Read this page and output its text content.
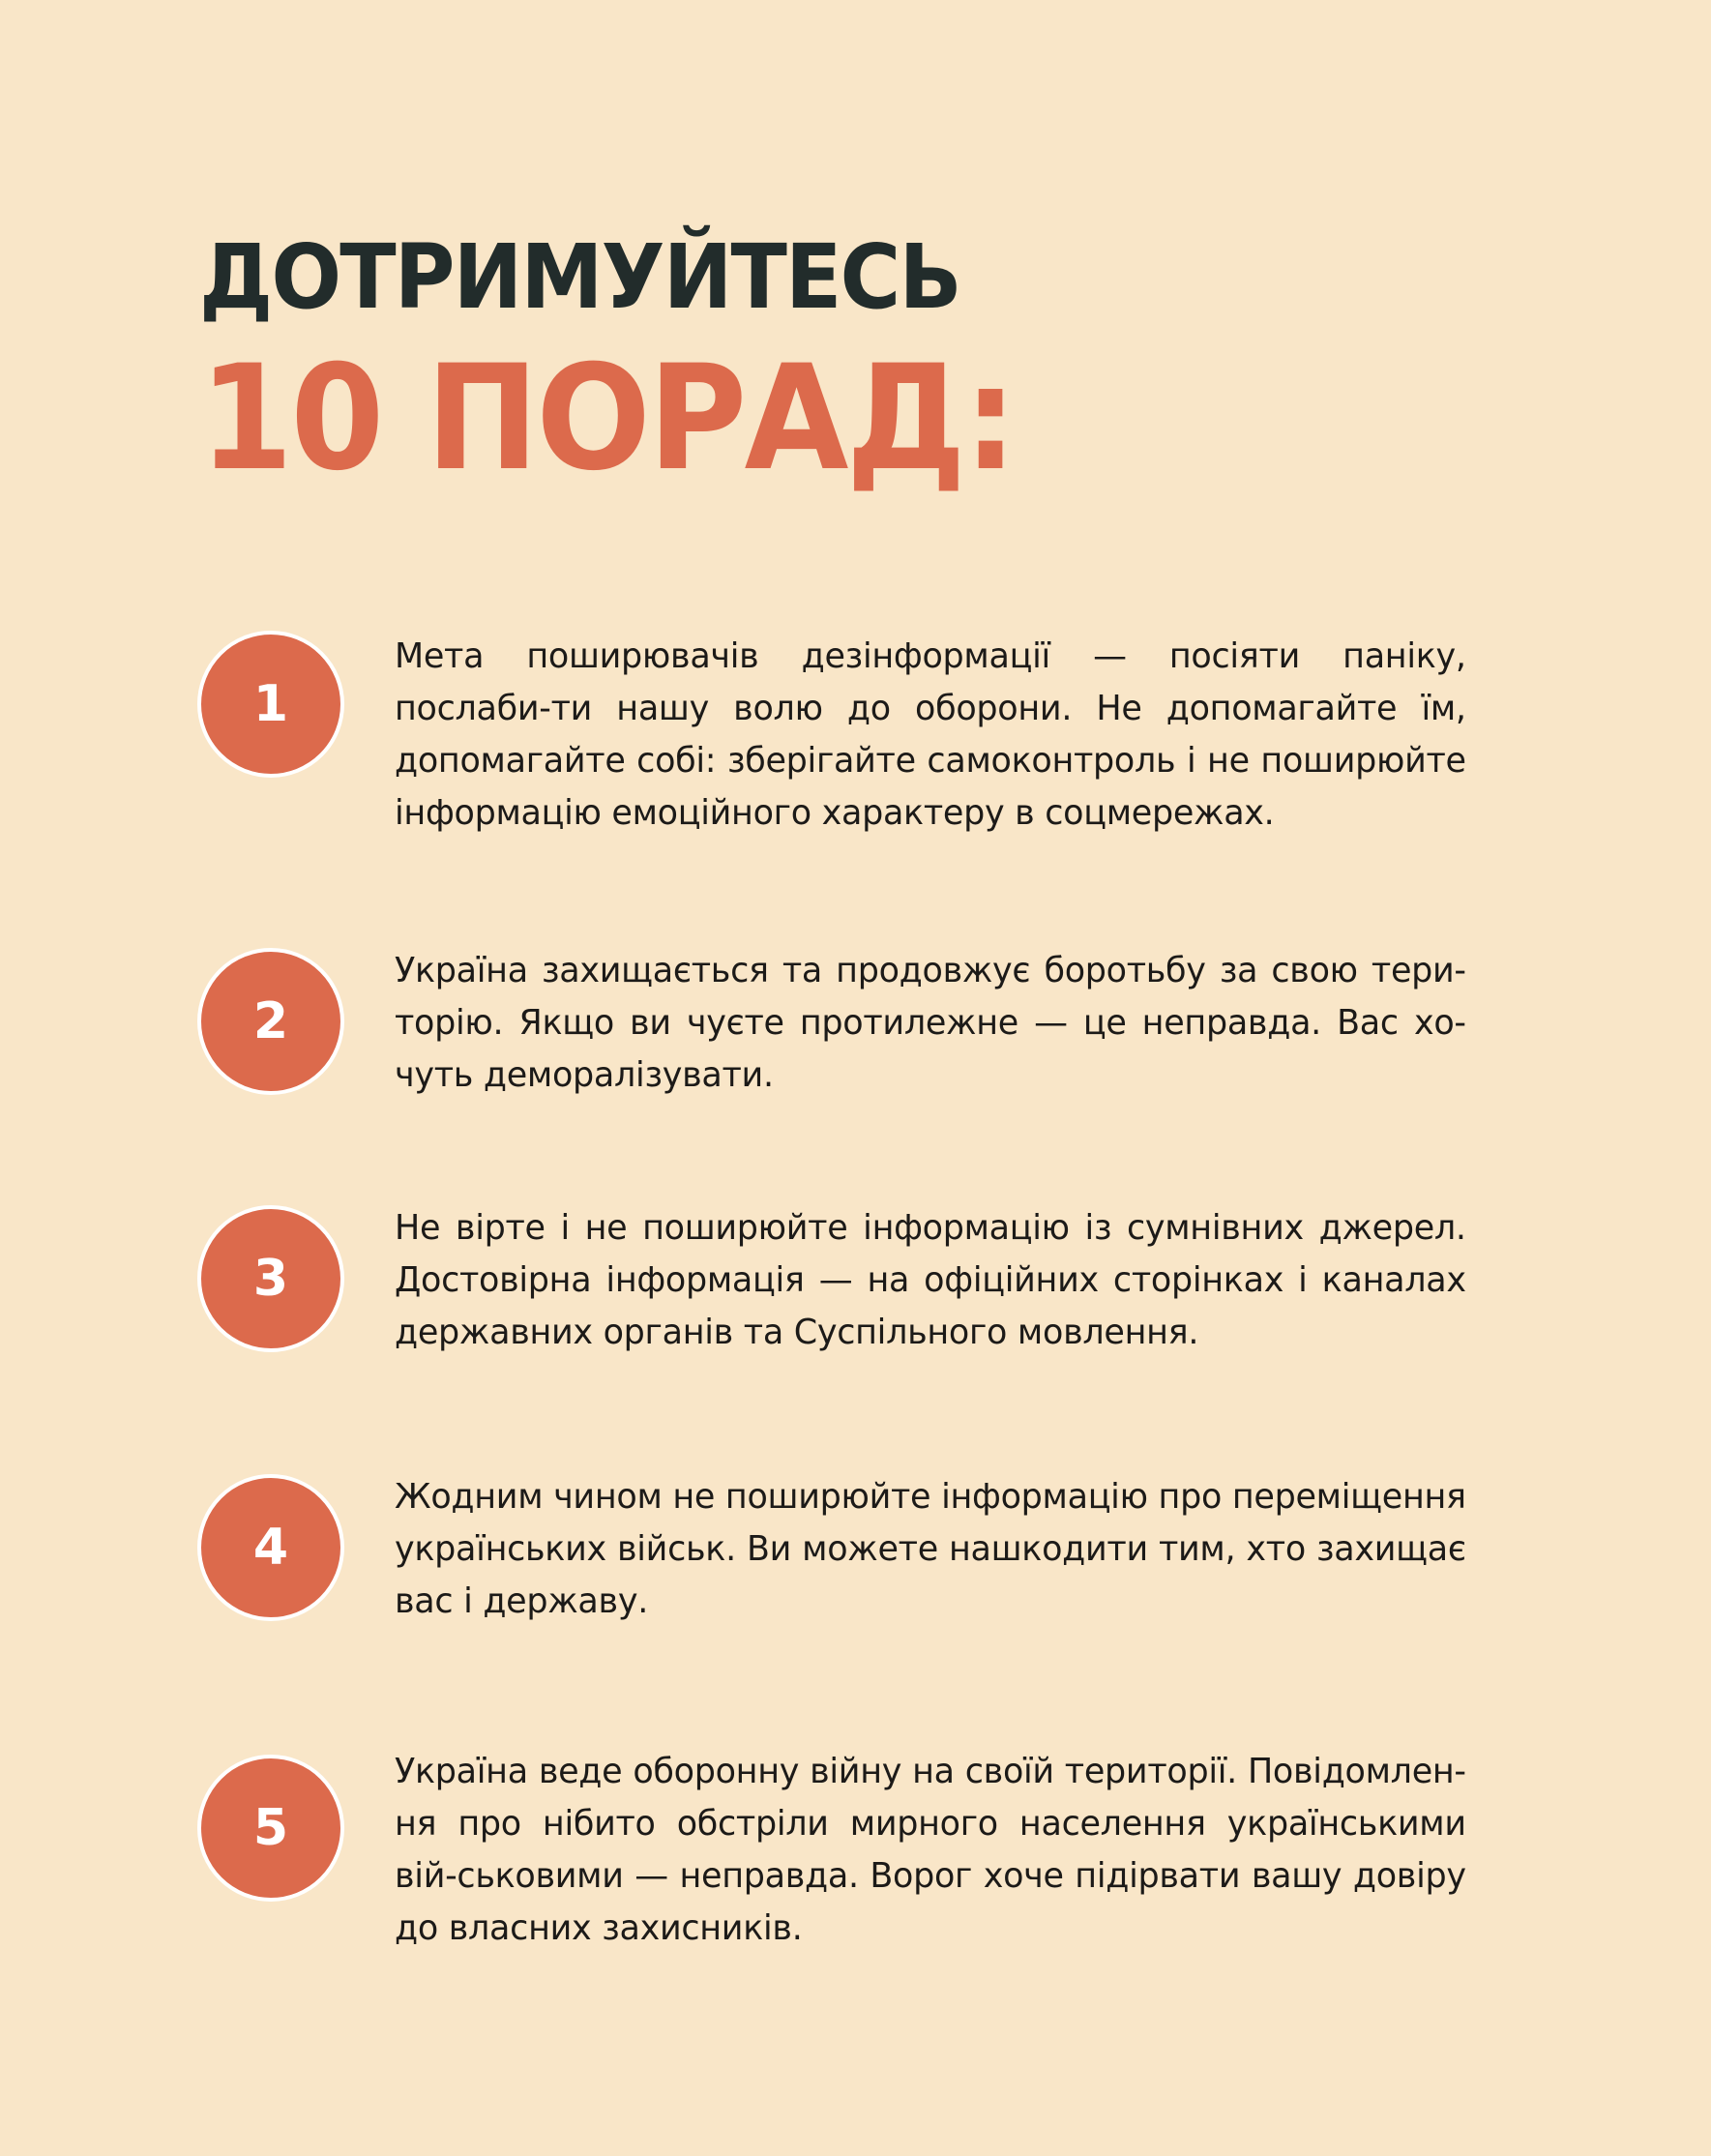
ДОТРИМУЙТЕСЬ
10 ПОРАД:
1

Мета поширювачів дезінформації — посіяти паніку, послаби-ти нашу волю до оборони. Не допомагайте їм, допомагайте собі: зберігайте самоконтроль і не поширюйте інформацію емоційного характеру в соцмережах.

2

Україна захищається та продовжує боротьбу за свою тери-торію. Якщо ви чуєте протилежне — це неправда. Вас хо-чуть деморалізувати.

3

Не вірте і не поширюйте інформацію із сумнівних джерел. Достовірна інформація — на офіційних сторінках і каналах державних органів та Суспільного мовлення.

4

Жодним чином не поширюйте інформацію про переміщення українських військ. Ви можете нашкодити тим, хто захищає вас і державу.

5

Україна веде оборонну війну на своїй території. Повідомлен-ня про нібито обстріли мирного населення українськими вій-ськовими — неправда. Ворог хоче підірвати вашу довіру до власних захисників.
